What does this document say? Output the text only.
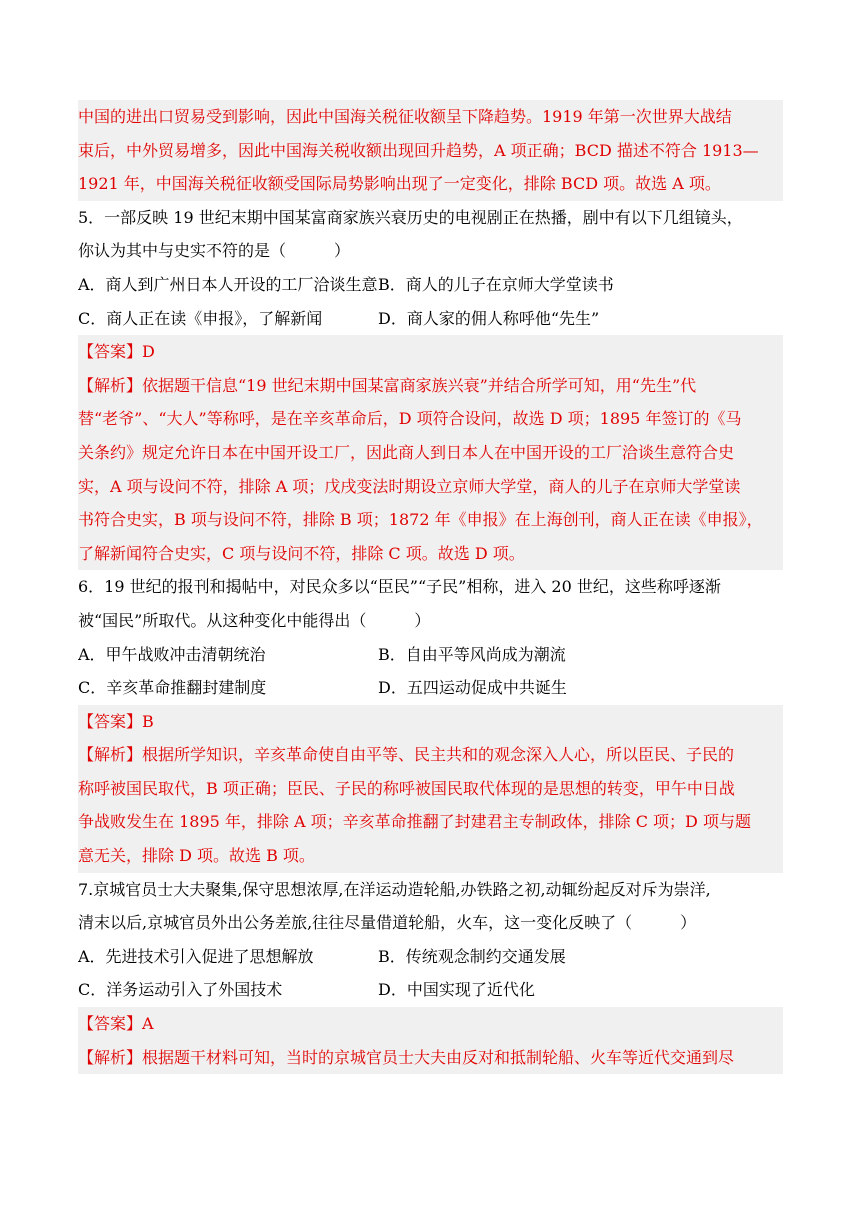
中国的进出口贸易受到影响，因此中国海关税征收额呈下降趋势。1919 年第一次世界大战结
束后，中外贸易增多，因此中国海关税收额出现回升趋势，A 项正确；BCD 描述不符合 1913—
1921 年，中国海关税征收额受国际局势影响出现了一定变化，排除 BCD 项。故选 A 项。
5．一部反映 19 世纪末期中国某富商家族兴衰历史的电视剧正在热播，剧中有以下几组镜头，
你认为其中与史实不符的是（　　　）
A．商人到广州日本人开设的工厂洽谈生意 B．商人的儿子在京师大学堂读书
C．商人正在读《申报》，了解新闻	D．商人家的佣人称呼他“先生”
【答案】D
【解析】依据题干信息“19 世纪末期中国某富商家族兴衰”并结合所学可知，用“先生”代
替“老爷”、“大人”等称呼，是在辛亥革命后，D 项符合设问，故选 D 项；1895 年签订的《马
关条约》规定允许日本在中国开设工厂，因此商人到日本人在中国开设的工厂洽谈生意符合史
实，A 项与设问不符，排除 A 项；戊戌变法时期设立京师大学堂，商人的儿子在京师大学堂读
书符合史实，B 项与设问不符，排除 B 项；1872 年《申报》在上海创刊，商人正在读《申报》，
了解新闻符合史实，C 项与设问不符，排除 C 项。故选 D 项。
6．19 世纪的报刊和揭帖中，对民众多以“臣民”“子民”相称，进入 20 世纪，这些称呼逐渐
被“国民”所取代。从这种变化中能得出（　　　）
A．甲午战败冲击清朝统治	B．自由平等风尚成为潮流
C．辛亥革命推翻封建制度	D．五四运动促成中共诞生
【答案】B
【解析】根据所学知识，辛亥革命使自由平等、民主共和的观念深入人心，所以臣民、子民的
称呼被国民取代，B 项正确；臣民、子民的称呼被国民取代体现的是思想的转变，甲午中日战
争战败发生在 1895 年，排除 A 项；辛亥革命推翻了封建君主专制政体，排除 C 项；D 项与题
意无关，排除 D 项。故选 B 项。
7.京城官员士大夫聚集,保守思想浓厚,在洋运动造轮船,办铁路之初,动辄纷起反对斥为崇洋,
清末以后,京城官员外出公务差旅,往往尽量借道轮船，火车，这一变化反映了（　　　）
A．先进技术引入促进了思想解放	B．传统观念制约交通发展
C．洋务运动引入了外国技术	D．中国实现了近代化
【答案】A
【解析】根据题干材料可知，当时的京城官员士大夫由反对和抵制轮船、火车等近代交通到尽
